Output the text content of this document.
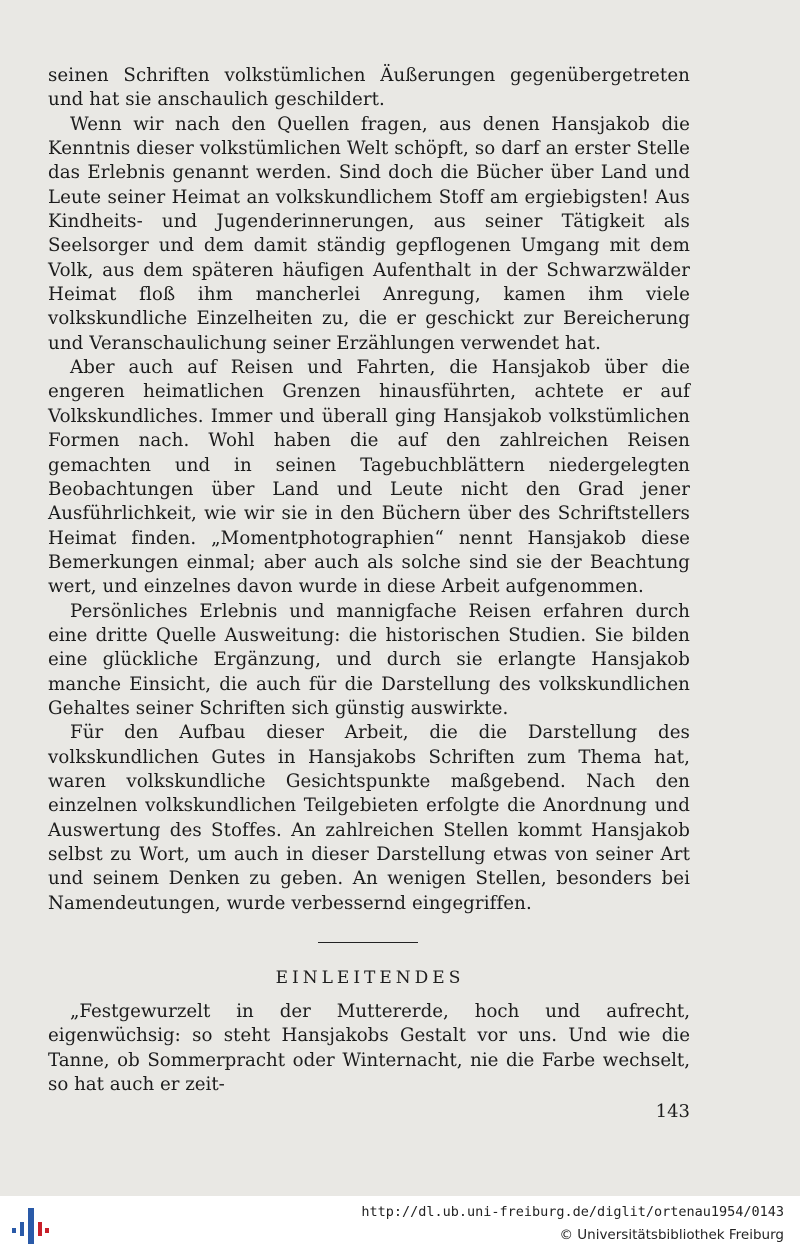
seinen Schriften volkstümlichen Äußerungen gegenübergetreten und hat sie anschaulich geschildert.

Wenn wir nach den Quellen fragen, aus denen Hansjakob die Kenntnis dieser volkstümlichen Welt schöpft, so darf an erster Stelle das Erlebnis genannt werden. Sind doch die Bücher über Land und Leute seiner Heimat an volkskundlichem Stoff am ergiebigsten! Aus Kindheits- und Jugenderinnerungen, aus seiner Tätigkeit als Seelsorger und dem damit ständig gepflogenen Umgang mit dem Volk, aus dem späteren häufigen Aufenthalt in der Schwarzwälder Heimat floß ihm mancherlei Anregung, kamen ihm viele volkskundliche Einzelheiten zu, die er geschickt zur Bereicherung und Veranschaulichung seiner Erzählungen verwendet hat.

Aber auch auf Reisen und Fahrten, die Hansjakob über die engeren heimatlichen Grenzen hinausführten, achtete er auf Volkskundliches. Immer und überall ging Hansjakob volkstümlichen Formen nach. Wohl haben die auf den zahlreichen Reisen gemachten und in seinen Tagebuchblättern niedergelegten Beobachtungen über Land und Leute nicht den Grad jener Ausführlichkeit, wie wir sie in den Büchern über des Schriftstellers Heimat finden. „Momentphotographien“ nennt Hansjakob diese Bemerkungen einmal; aber auch als solche sind sie der Beachtung wert, und einzelnes davon wurde in diese Arbeit aufgenommen.

Persönliches Erlebnis und mannigfache Reisen erfahren durch eine dritte Quelle Ausweitung: die historischen Studien. Sie bilden eine glückliche Ergänzung, und durch sie erlangte Hansjakob manche Einsicht, die auch für die Darstellung des volkskundlichen Gehaltes seiner Schriften sich günstig auswirkte.

Für den Aufbau dieser Arbeit, die die Darstellung des volkskundlichen Gutes in Hansjakobs Schriften zum Thema hat, waren volkskundliche Gesichtspunkte maßgebend. Nach den einzelnen volkskundlichen Teilgebieten erfolgte die Anordnung und Auswertung des Stoffes. An zahlreichen Stellen kommt Hansjakob selbst zu Wort, um auch in dieser Darstellung etwas von seiner Art und seinem Denken zu geben. An wenigen Stellen, besonders bei Namendeutungen, wurde verbessernd eingegriffen.

EINLEITENDES

„Festgewurzelt in der Muttererde, hoch und aufrecht, eigenwüchsig: so steht Hansjakobs Gestalt vor uns. Und wie die Tanne, ob Sommerpracht oder Winternacht, nie die Farbe wechselt, so hat auch er zeit-

143
http://dl.ub.uni-freiburg.de/diglit/ortenau1954/0143
© Universitätsbibliothek Freiburg
